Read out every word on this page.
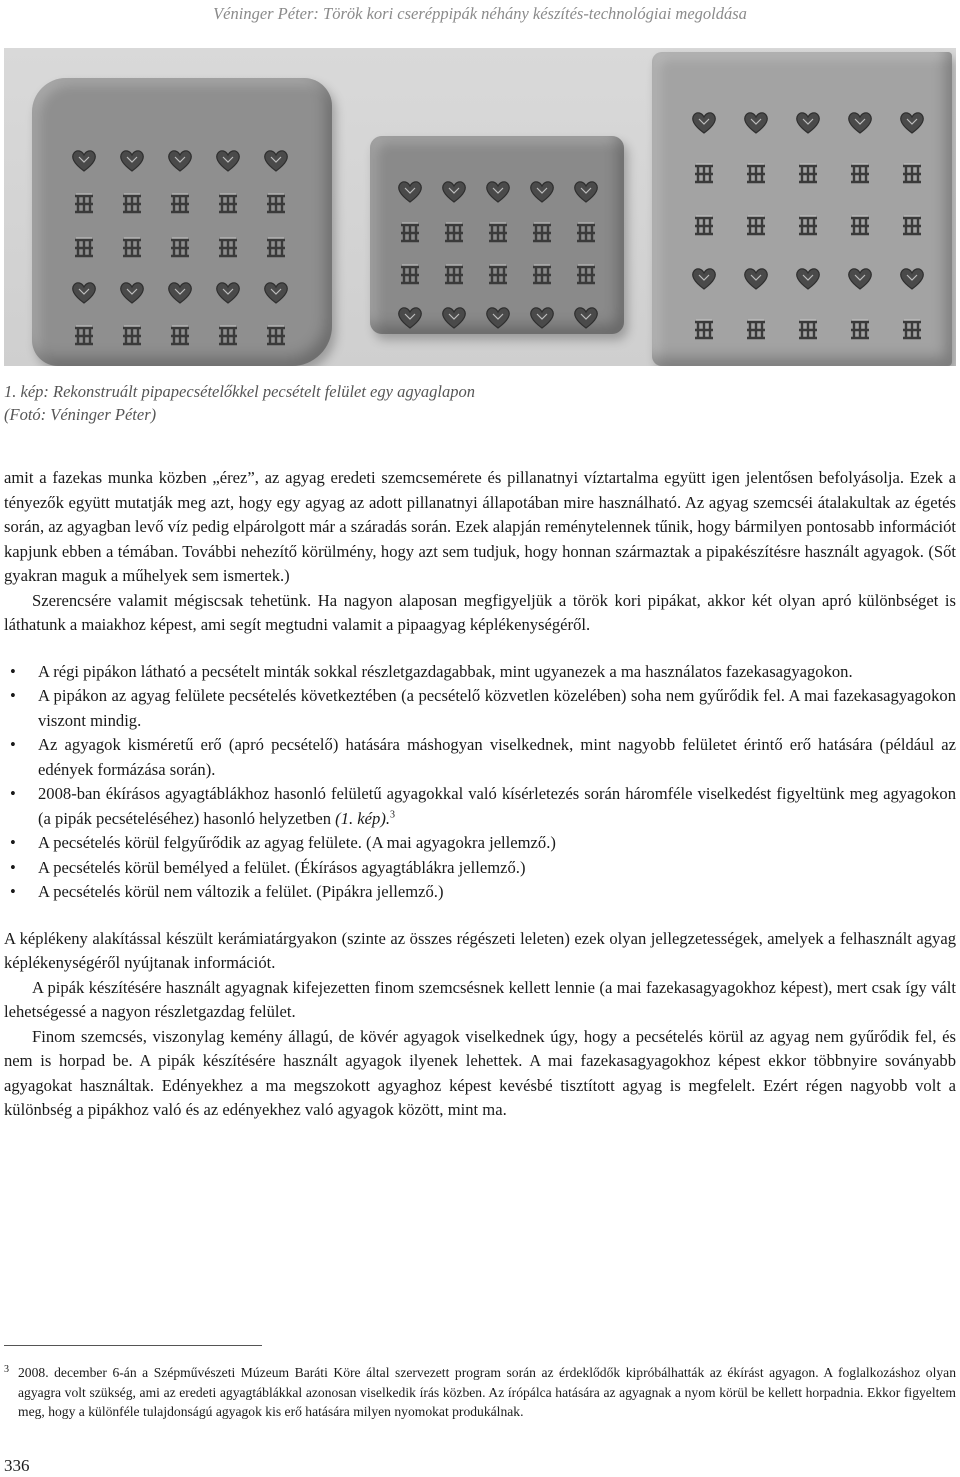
Véninger Péter: Török kori cseréppipák néhány készítés-technológiai megoldása

1. kép: Rekonstruált pipapecsételőkkel pecsételt felület egy agyaglapon

(Fotó: Véninger Péter)

amit a fazekas munka közben „érez”, az agyag eredeti szemcsemérete és pillanatnyi víztartalma együtt igen jelentősen befolyásolja. Ezek a tényezők együtt mutatják meg azt, hogy egy agyag az adott pillanatnyi állapotában mire használható. Az agyag szemcséi átalakultak az égetés során, az agyagban levő víz pedig elpárolgott már a száradás során. Ezek alapján reménytelennek tűnik, hogy bármilyen pontosabb információt kapjunk ebben a témában. További nehezítő körülmény, hogy azt sem tudjuk, hogy honnan származtak a pipakészítésre használt agyagok. (Sőt gyakran maguk a műhelyek sem ismertek.)

Szerencsére valamit mégiscsak tehetünk. Ha nagyon alaposan megfigyeljük a török kori pipákat, akkor két olyan apró különbséget is láthatunk a maiakhoz képest, ami segít megtudni valamit a pipaagyag képlékenységéről.

• A régi pipákon látható a pecsételt minták sokkal részletgazdagabbak, mint ugyanezek a ma használatos fazekasagyagokon.
• A pipákon az agyag felülete pecsételés következtében (a pecsételő közvetlen közelében) soha nem gyűrődik fel. A mai fazekasagyagokon viszont mindig.
• Az agyagok kisméretű erő (apró pecsételő) hatására máshogyan viselkednek, mint nagyobb felületet érintő erő hatására (például az edények formázása során).
• 2008-ban ékírásos agyagtáblákhoz hasonló felületű agyagokkal való kísérletezés során háromféle viselkedést figyeltünk meg agyagokon (a pipák pecsételéséhez) hasonló helyzetben (1. kép).$^3$
• A pecsételés körül felgyűrődik az agyag felülete. (A mai agyagokra jellemző.)
• A pecsételés körül bemélyed a felület. (Ékírásos agyagtáblákra jellemző.)
• A pecsételés körül nem változik a felület. (Pipákra jellemző.)

A képlékeny alakítással készült kerámiatárgyakon (szinte az összes régészeti leleten) ezek olyan jellegzetességek, amelyek a felhasznált agyag képlékenységéről nyújtanak információt.

A pipák készítésére használt agyagnak kifejezetten finom szemcsésnek kellett lennie (a mai fazekasagyagokhoz képest), mert csak így vált lehetségessé a nagyon részletgazdag felület.

Finom szemcsés, viszonylag kemény állagú, de kövér agyagok viselkednek úgy, hogy a pecsételés körül az agyag nem gyűrődik fel, és nem is horpad be. A pipák készítésére használt agyagok ilyenek lehettek. A mai fazekasagyagokhoz képest ekkor többnyire soványabb agyagokat használtak. Edényekhez a ma megszokott agyaghoz képest kevésbé tisztított agyag is megfelelt. Ezért régen nagyobb volt a különbség a pipákhoz való és az edényekhez való agyagok között, mint ma.

3 2008. december 6-án a Szépművészeti Múzeum Baráti Köre által szervezett program során az érdeklődők kipróbálhatták az ékírást agyagon. A foglalkozáshoz olyan agyagra volt szükség, ami az eredeti agyagtáblákkal azonosan viselkedik írás közben. Az írópálca hatására az agyagnak a nyom körül be kellett horpadnia. Ekkor figyeltem meg, hogy a különféle tulajdonságú agyagok kis erő hatására milyen nyomokat produkálnak.

336
